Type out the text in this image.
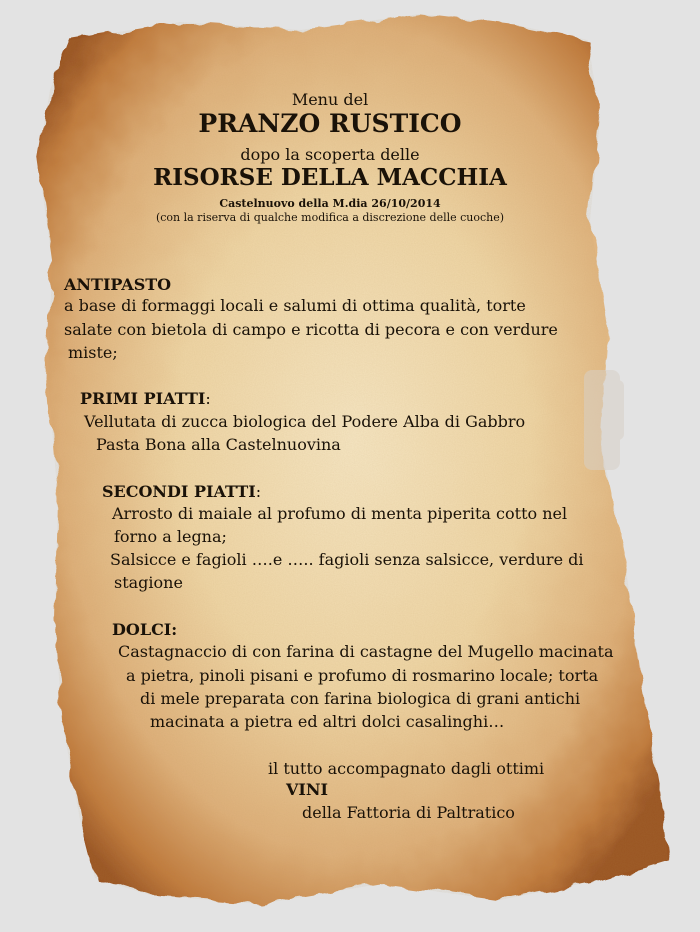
Menu del
PRANZO RUSTICO
dopo la scoperta delle
RISORSE DELLA MACCHIA
Castelnuovo della M.dia 26/10/2014
(con la riserva di qualche modifica a discrezione delle cuoche)
ANTIPASTO
a base di formaggi locali e salumi di ottima qualità, torte
salate con bietola di campo e ricotta di pecora e con verdure
miste;
PRIMI PIATTI:
Vellutata di zucca biologica del Podere Alba di Gabbro
Pasta Bona alla Castelnuovina
SECONDI PIATTI:
Arrosto di maiale al profumo di menta piperita cotto nel
forno a legna;
Salsicce e fagioli ….e ….. fagioli senza salsicce, verdure di
stagione
DOLCI:
Castagnaccio di con farina di castagne del Mugello macinata
a pietra, pinoli pisani e profumo di rosmarino locale; torta
di mele preparata con farina biologica di grani antichi
macinata a pietra ed altri dolci casalinghi…
il tutto accompagnato dagli ottimi
VINI
della Fattoria di Paltratico
